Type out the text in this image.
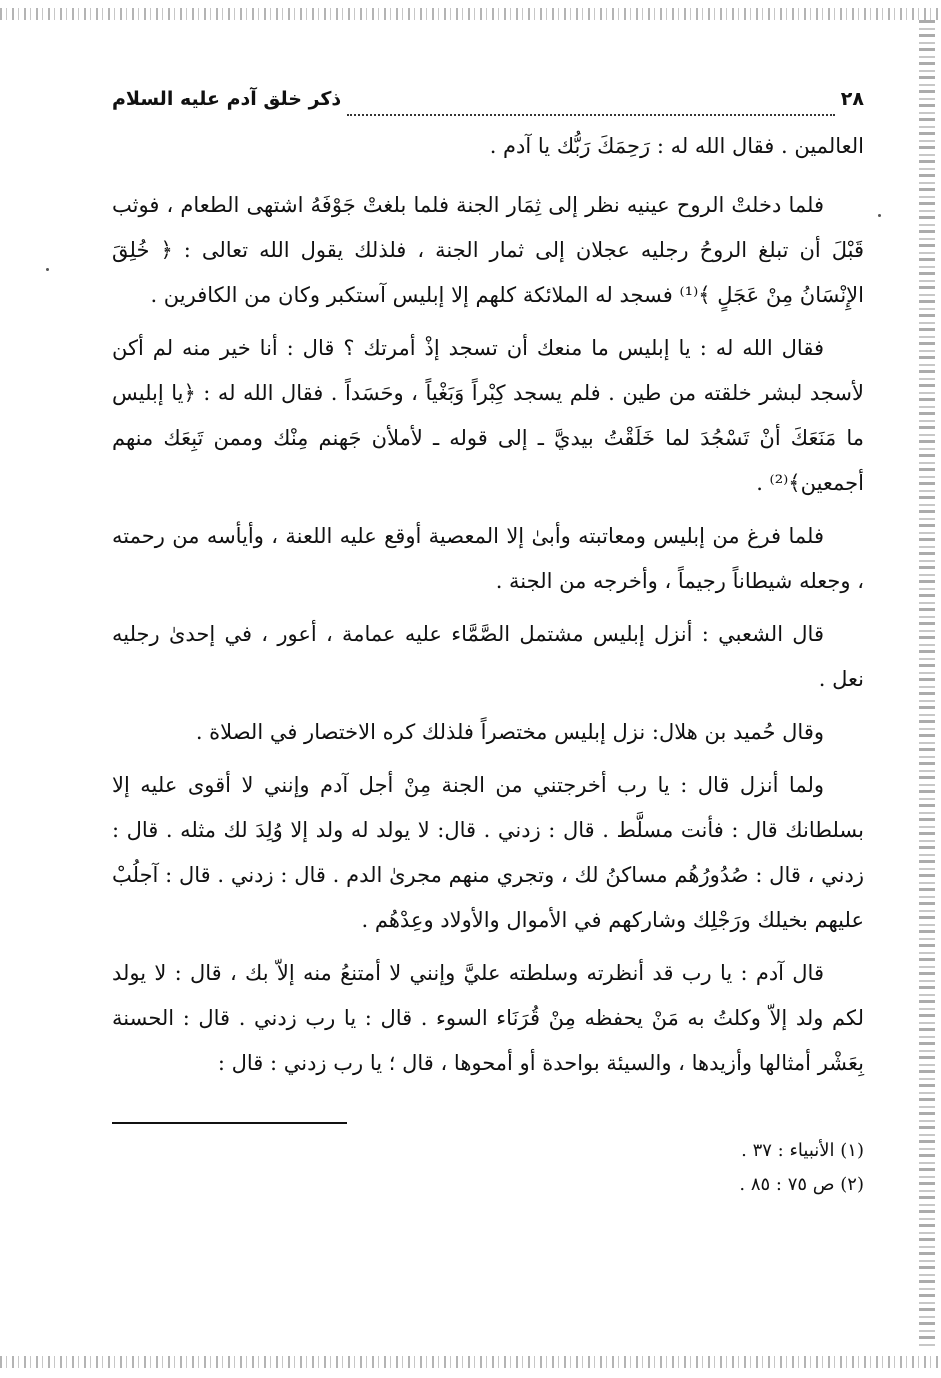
٢٨
ذكر خلق آدم عليه السلام

العالمين . فقال الله له : رَحِمَكَ رَبُّك يا آدم .

فلما دخلتْ الروح عينيه نظر إلى ثِمَار الجنة فلما بلغتْ جَوْفَهُ اشتهى الطعام ، فوثب قَبْلَ أن تبلغ الروحُ رجليه عجلان إلى ثمار الجنة ، فلذلك يقول الله تعالى : ﴿ خُلِقَ الإِنْسَانُ مِنْ عَجَلٍ ﴾⁽¹⁾ فسجد له الملائكة كلهم إلا إبليس آستكبر وكان من الكافرين .

فقال الله له : يا إبليس ما منعك أن تسجد إذْ أمرتك ؟ قال : أنا خير منه لم أكن لأسجد لبشر خلقته من طين . فلم يسجد كِبْراً وَبَغْياً ، وحَسَداً . فقال الله له : ﴿يا إبليس ما مَنَعَكَ أنْ تَسْجُدَ لما خَلَقْتُ بيديَّ ـ إلى قوله ـ لأملأن جَهنم مِنْك وممن تَبِعَك منهم أجمعين﴾⁽²⁾ .

فلما فرغ من إبليس ومعاتبته وأبىٰ إلا المعصية أوقع عليه اللعنة ، وأيأسه من رحمته ، وجعله شيطاناً رجيماً ، وأخرجه من الجنة .

قال الشعبي : أنزل إبليس مشتمل الصَّمَّاء عليه عمامة ، أعور ، في إحدىٰ رجليه نعل .

وقال حُميد بن هلال: نزل إبليس مختصراً فلذلك كره الاختصار في الصلاة .

ولما أنزل قال : يا رب أخرجتني من الجنة مِنْ أجل آدم وإنني لا أقوى عليه إلا بسلطانك قال : فأنت مسلَّط . قال : زدني . قال: لا يولد له ولد إلا وُلِدَ لك مثله . قال : زدني ، قال : صُدُورُهُم مساكنُ لك ، وتجري منهم مجرىٰ الدم . قال : زدني . قال : آجلُبْ عليهم بخيلك ورَجْلِك وشاركهم في الأموال والأولاد وعِدْهُم .

قال آدم : يا رب قد أنظرته وسلطته عليَّ وإنني لا أمتنعُ منه إلاّ بك ، قال : لا يولد لكم ولد إلاّ وكلتُ به مَنْ يحفظه مِنْ قُرَنَاء السوء . قال : يا رب زدني . قال : الحسنة بِعَشْر أمثالها وأزيدها ، والسيئة بواحدة أو أمحوها ، قال ؛ يا رب زدني : قال :

(١) الأنبياء : ٣٧ .

(٢) ص ٧٥ : ٨٥ .
